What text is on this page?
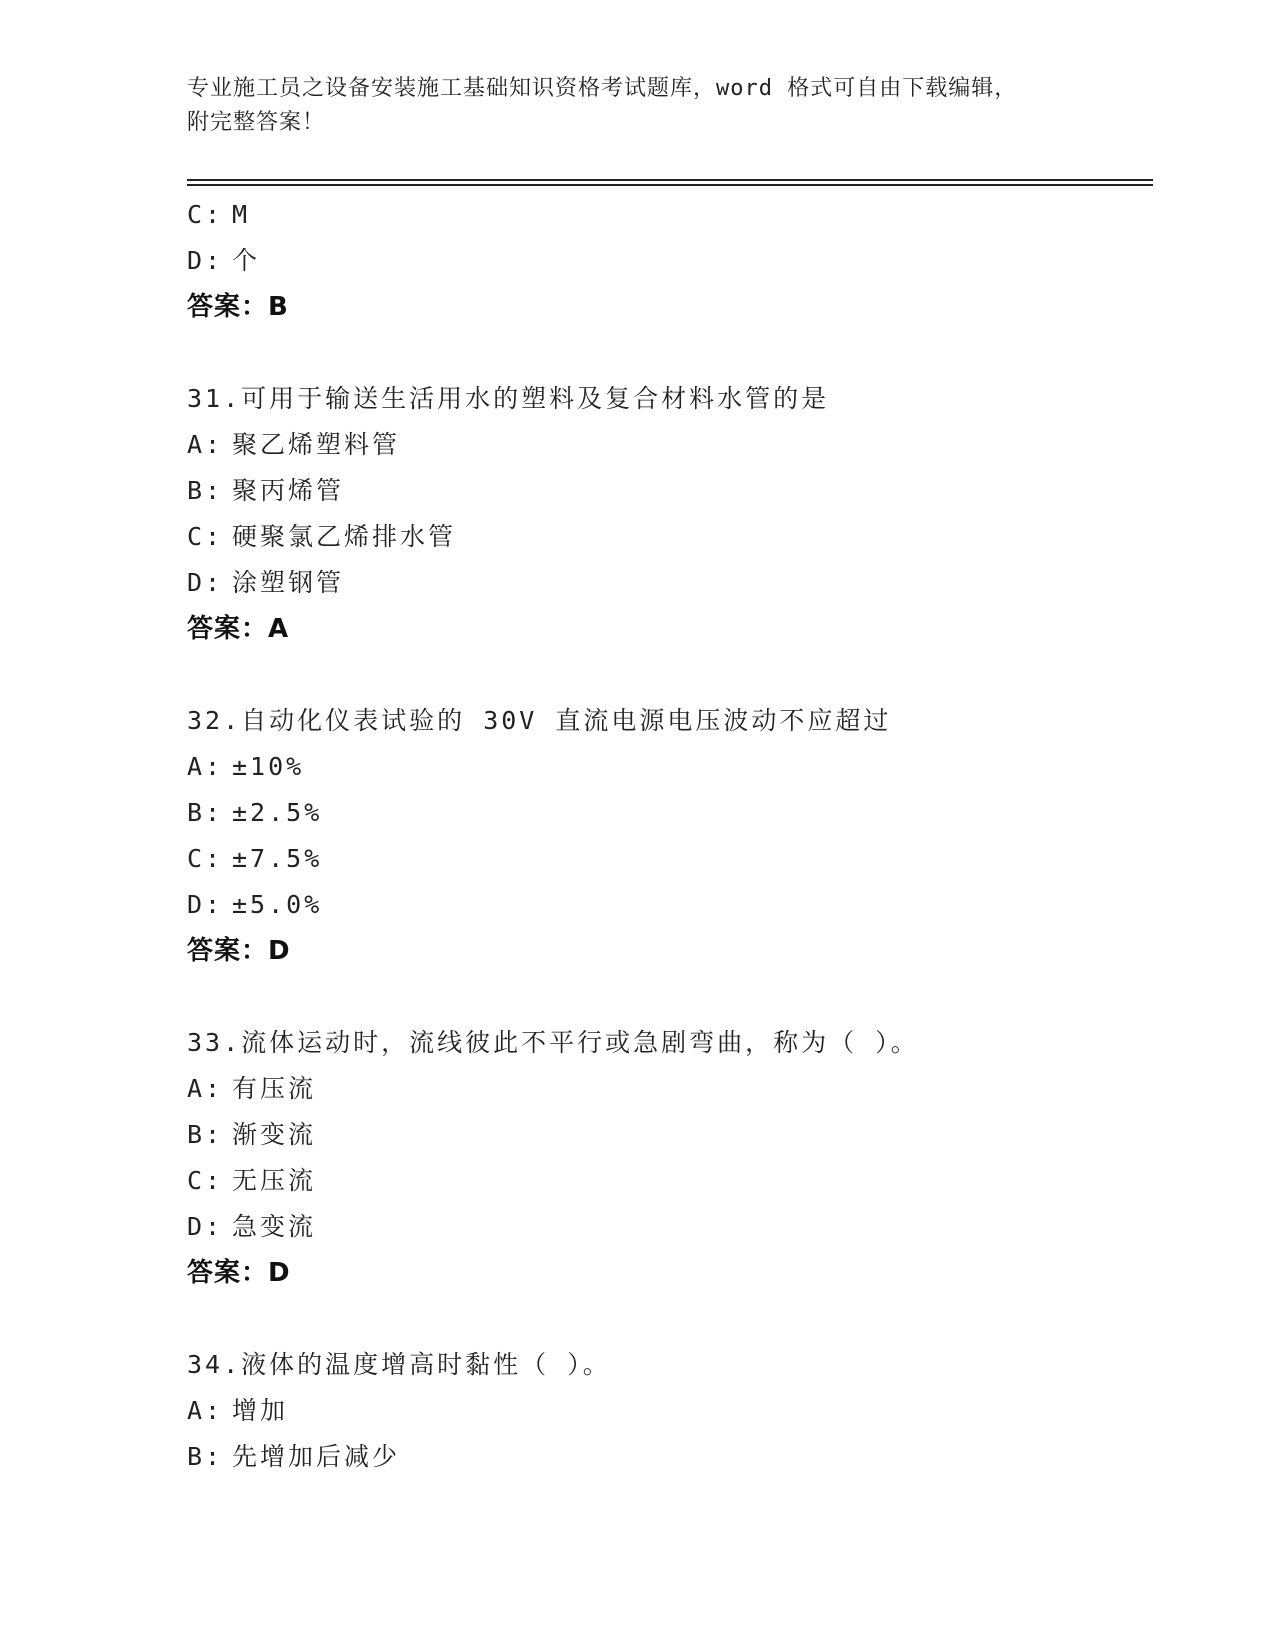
专业施工员之设备安装施工基础知识资格考试题库，word 格式可自由下载编辑，
附完整答案！
C: M
D: 个
答案：B
31.可用于输送生活用水的塑料及复合材料水管的是
A: 聚乙烯塑料管
B: 聚丙烯管
C: 硬聚氯乙烯排水管
D: 涂塑钢管
答案：A
32.自动化仪表试验的 30V 直流电源电压波动不应超过
A: ±10%
B: ±2.5%
C: ±7.5%
D: ±5.0%
答案：D
33.流体运动时，流线彼此不平行或急剧弯曲，称为（ ）。
A: 有压流
B: 渐变流
C: 无压流
D: 急变流
答案：D
34.液体的温度增高时黏性（ ）。
A: 增加
B: 先增加后减少
